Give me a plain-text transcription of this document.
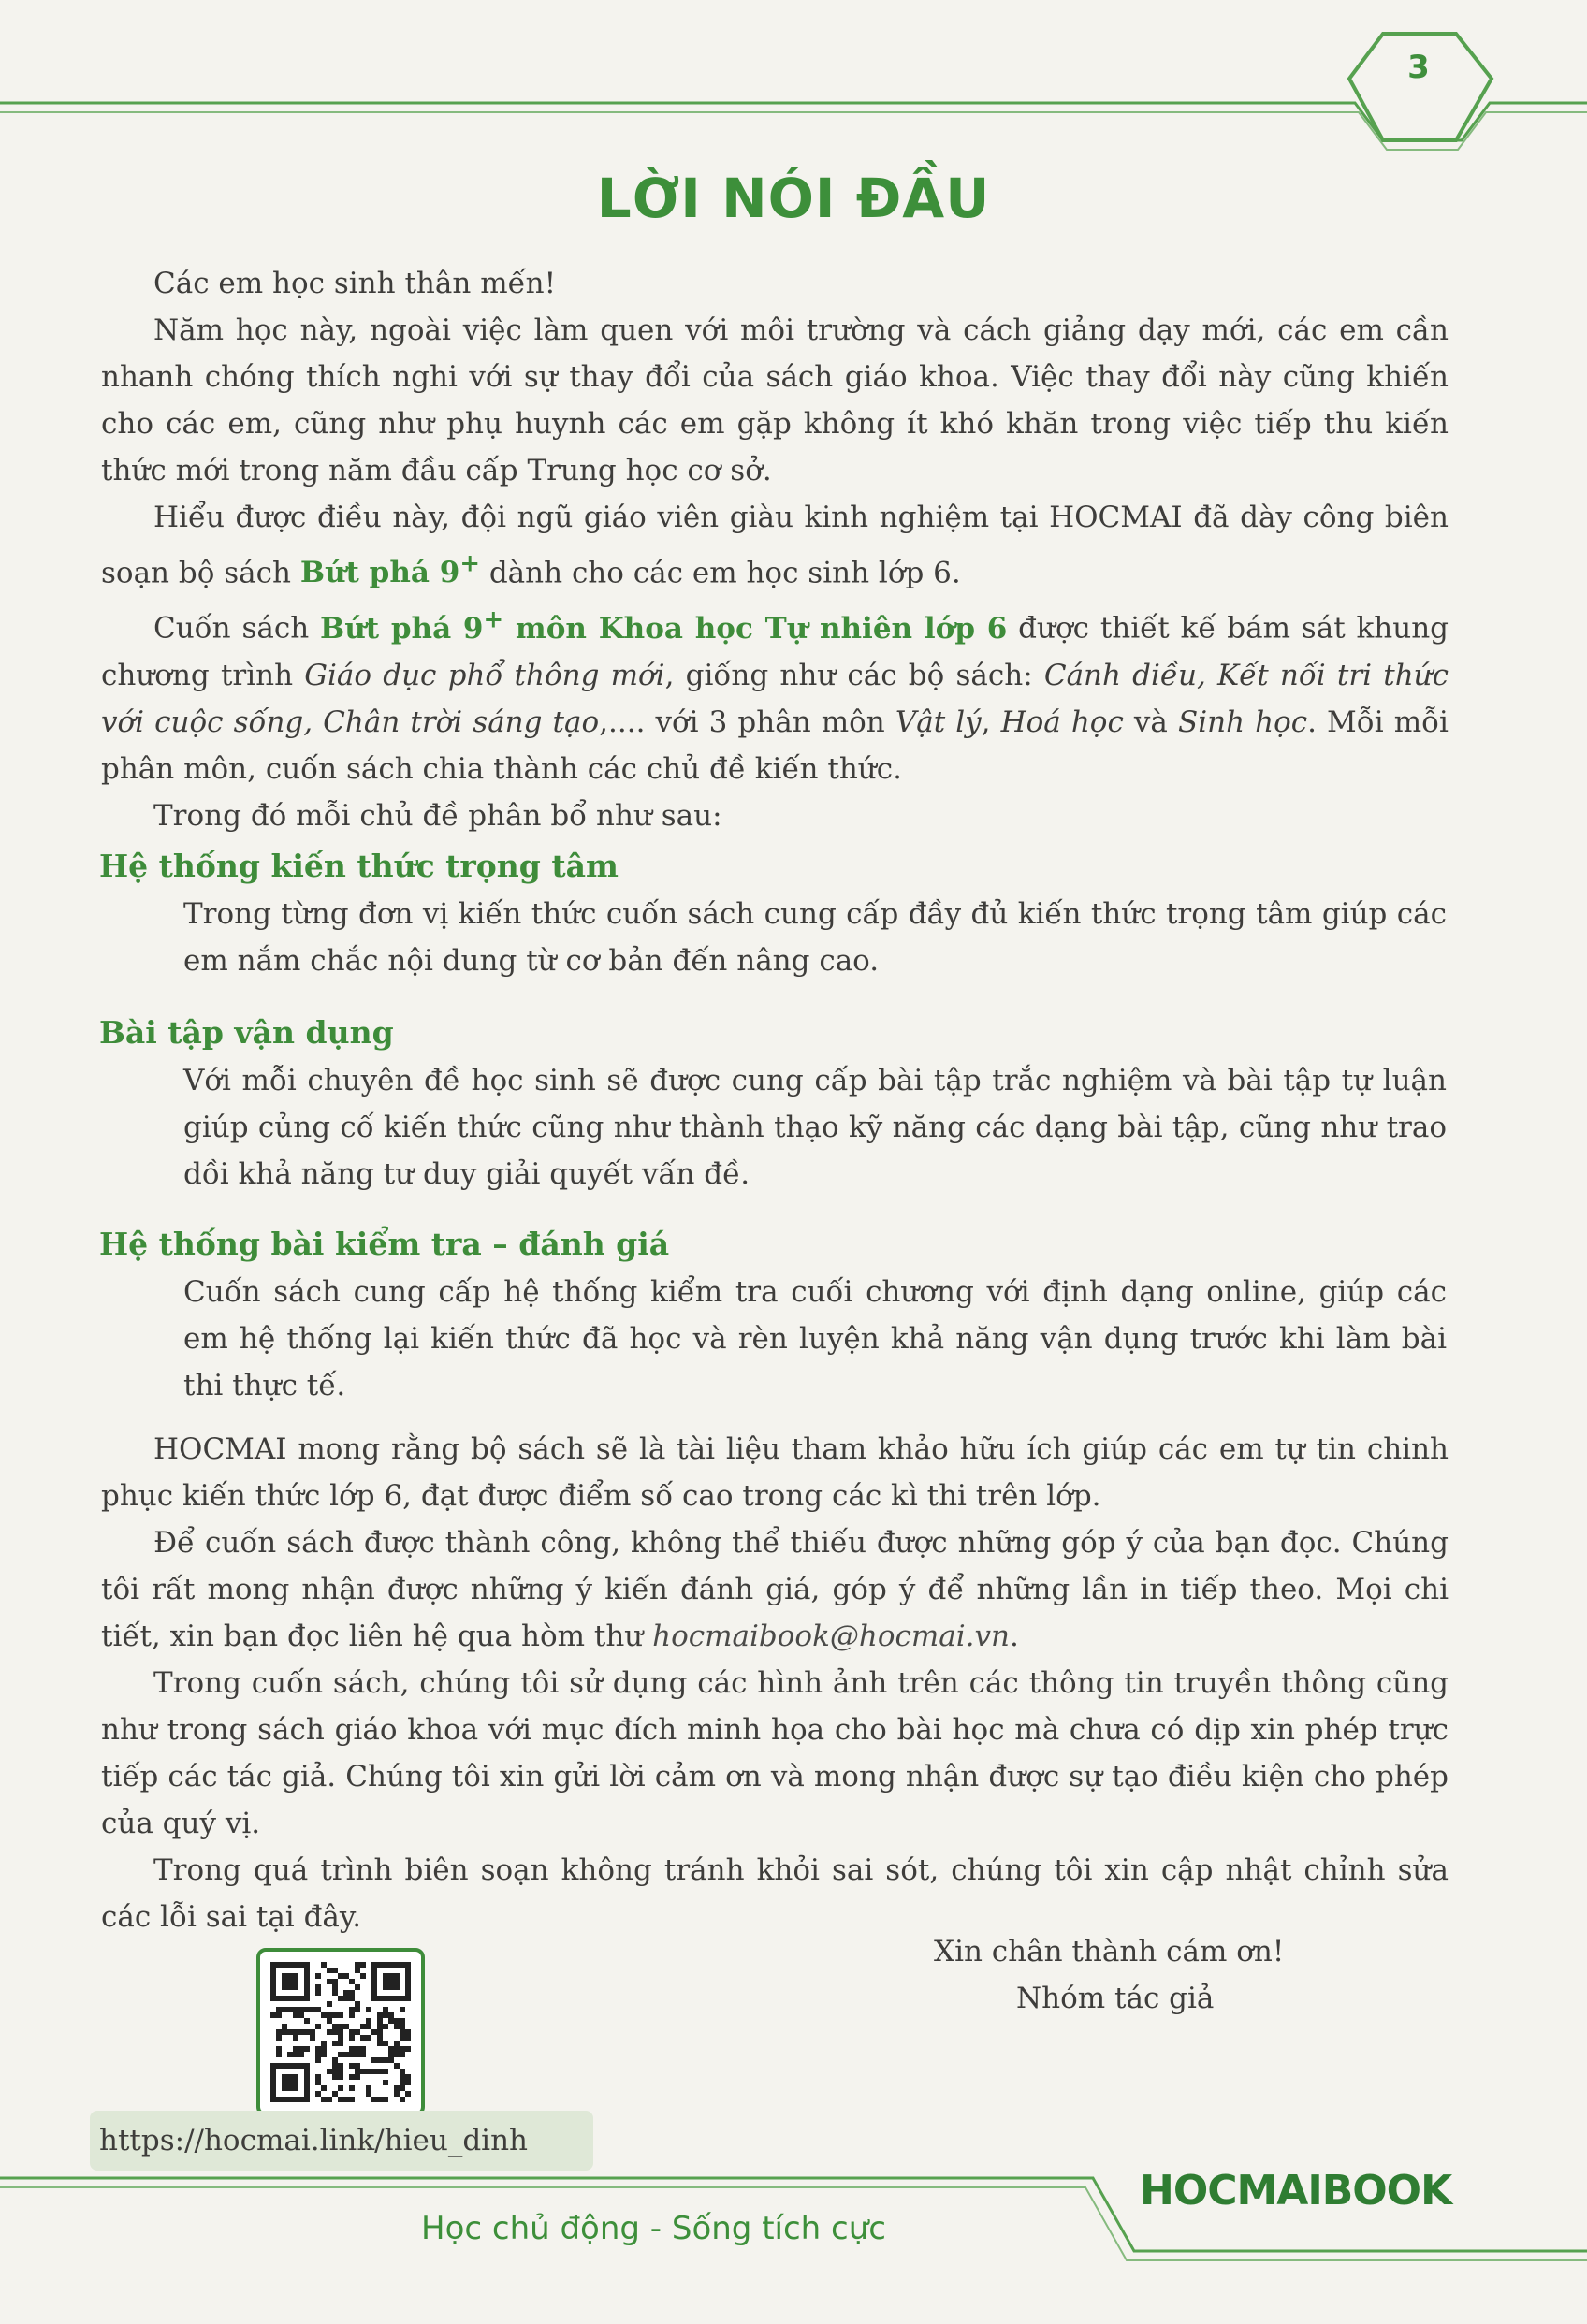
3
LỜI NÓI ĐẦU

Các em học sinh thân mến!

Năm học này, ngoài việc làm quen với môi trường và cách giảng dạy mới, các em cần nhanh chóng thích nghi với sự thay đổi của sách giáo khoa. Việc thay đổi này cũng khiến cho các em, cũng như phụ huynh các em gặp không ít khó khăn trong việc tiếp thu kiến thức mới trong năm đầu cấp Trung học cơ sở.

Hiểu được điều này, đội ngũ giáo viên giàu kinh nghiệm tại HOCMAI đã dày công biên soạn bộ sách Bứt phá 9+ dành cho các em học sinh lớp 6.

Cuốn sách Bứt phá 9+ môn Khoa học Tự nhiên lớp 6 được thiết kế bám sát khung chương trình Giáo dục phổ thông mới, giống như các bộ sách: Cánh diều, Kết nối tri thức với cuộc sống, Chân trời sáng tạo,.... với 3 phân môn Vật lý, Hoá học và Sinh học. Mỗi mỗi phân môn, cuốn sách chia thành các chủ đề kiến thức.

Trong đó mỗi chủ đề phân bổ như sau:

Hệ thống kiến thức trọng tâm

Trong từng đơn vị kiến thức cuốn sách cung cấp đầy đủ kiến thức trọng tâm giúp các em nắm chắc nội dung từ cơ bản đến nâng cao.

Bài tập vận dụng

Với mỗi chuyên đề học sinh sẽ được cung cấp bài tập trắc nghiệm và bài tập tự luận giúp củng cố kiến thức cũng như thành thạo kỹ năng các dạng bài tập, cũng như trao dồi khả năng tư duy giải quyết vấn đề.

Hệ thống bài kiểm tra – đánh giá

Cuốn sách cung cấp hệ thống kiểm tra cuối chương với định dạng online, giúp các em hệ thống lại kiến thức đã học và rèn luyện khả năng vận dụng trước khi làm bài thi thực tế.

HOCMAI mong rằng bộ sách sẽ là tài liệu tham khảo hữu ích giúp các em tự tin chinh phục kiến thức lớp 6, đạt được điểm số cao trong các kì thi trên lớp.

Để cuốn sách được thành công, không thể thiếu được những góp ý của bạn đọc. Chúng tôi rất mong nhận được những ý kiến đánh giá, góp ý để những lần in tiếp theo. Mọi chi tiết, xin bạn đọc liên hệ qua hòm thư hocmaibook@hocmai.vn.

Trong cuốn sách, chúng tôi sử dụng các hình ảnh trên các thông tin truyền thông cũng như trong sách giáo khoa với mục đích minh họa cho bài học mà chưa có dịp xin phép trực tiếp các tác giả. Chúng tôi xin gửi lời cảm ơn và mong nhận được sự tạo điều kiện cho phép của quý vị.

Trong quá trình biên soạn không tránh khỏi sai sót, chúng tôi xin cập nhật chỉnh sửa các lỗi sai tại đây.

Xin chân thành cám ơn!
Nhóm tác giả
https://hocmai.link/hieu_dinh
Học chủ động - Sống tích cực
HOCMAIBOOK
